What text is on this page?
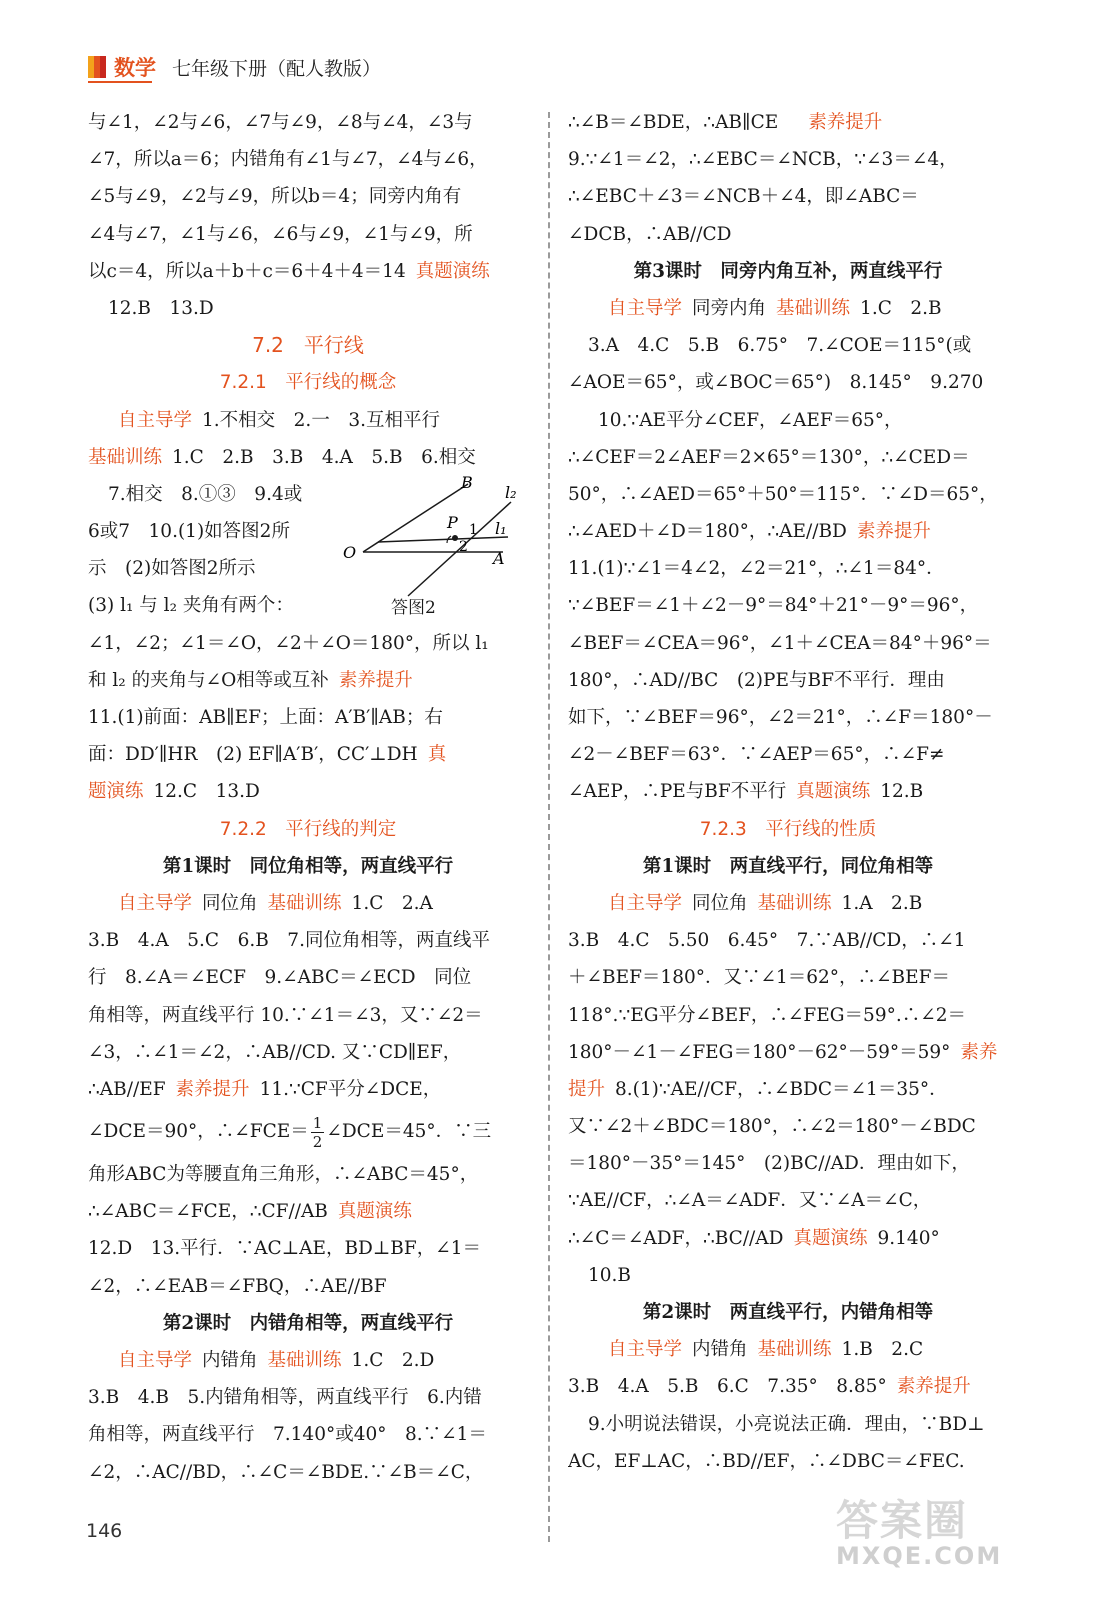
数学 七年级下册（配人教版）
与∠1，∠2与∠6，∠7与∠9，∠8与∠4，∠3与
∠7，所以a＝6；内错角有∠1与∠7，∠4与∠6，
∠5与∠9，∠2与∠9，所以b＝4；同旁内角有
∠4与∠7，∠1与∠6，∠6与∠9，∠1与∠9，所
以c＝4，所以a＋b＋c＝6＋4＋4＝14 真题演练
12.B　13.D
7.2　平行线
7.2.1　平行线的概念
自主导学 1.不相交　2.一　3.互相平行
基础训练 1.C　2.B　3.B　4.A　5.B　6.相交
7.相交　8.①③　9.4或
6或7　10.(1)如答图2所
示　(2)如答图2所示
(3) l₁ 与 l₂ 夹角有两个：
B
l₂
P 1
2
l₁
O	A
答图2
∠1，∠2；∠1＝∠O，∠2＋∠O＝180°，所以 l₁
和 l₂ 的夹角与∠O相等或互补 素养提升
11.(1)前面：AB∥EF；上面：A′B′∥AB；右
面：DD′∥HR　(2) EF∥A′B′，CC′⊥DH 真
题演练 12.C　13.D
7.2.2　平行线的判定
第1课时　同位角相等，两直线平行
自主导学 同位角 基础训练 1.C　2.A
3.B　4.A　5.C　6.B　7.同位角相等，两直线平
行　8.∠A＝∠ECF　9.∠ABC＝∠ECD　同位
角相等，两直线平行 10.∵∠1＝∠3，又∵∠2＝
∠3，∴∠1＝∠2，∴AB//CD. 又∵CD∥EF，
∴AB//EF 素养提升 11.∵CF平分∠DCE，
∠DCE＝90°，∴∠FCE＝ $\frac{1}{2}$ ∠DCE＝45°．∵三
角形ABC为等腰直角三角形，∴∠ABC＝45°，
∴∠ABC＝∠FCE，∴CF//AB 真题演练
12.D　13.平行．∵AC⊥AE，BD⊥BF，∠1＝
∠2，∴∠EAB＝∠FBQ，∴AE//BF
第2课时　内错角相等，两直线平行
自主导学 内错角 基础训练 1.C　2.D
3.B　4.B　5.内错角相等，两直线平行　6.内错
角相等，两直线平行　7.140°或40°　8.∵∠1＝
∠2，∴AC//BD，∴∠C＝∠BDE.∵∠B＝∠C，
∴∠B＝∠BDE，∴AB∥CE 素养提升
9.∵∠1＝∠2，∴∠EBC＝∠NCB，∵∠3＝∠4，
∴∠EBC＋∠3＝∠NCB＋∠4，即∠ABC＝
∠DCB，∴AB//CD
第3课时　同旁内角互补，两直线平行
自主导学 同旁内角 基础训练 1.C　2.B
3.A　4.C　5.B　6.75°　7.∠COE＝115°(或
∠AOE＝65°，或∠BOC＝65°)　8.145°　9.270
10.∵AE平分∠CEF，∠AEF＝65°，
∴∠CEF＝2∠AEF＝2×65°＝130°，∴∠CED＝
50°，∴∠AED＝65°＋50°＝115°．∵∠D＝65°，
∴∠AED＋∠D＝180°，∴AE//BD 素养提升
11.(1)∵∠1＝4∠2，∠2＝21°，∴∠1＝84°．
∵∠BEF＝∠1＋∠2－9°＝84°＋21°－9°＝96°，
∠BEF＝∠CEA＝96°，∠1＋∠CEA＝84°＋96°＝
180°，∴AD//BC　(2)PE与BF不平行．理由
如下，∵∠BEF＝96°，∠2＝21°，∴∠F＝180°－
∠2－∠BEF＝63°．∵∠AEP＝65°，∴∠F≠
∠AEP，∴PE与BF不平行 真题演练 12.B
7.2.3　平行线的性质
第1课时　两直线平行，同位角相等
自主导学 同位角 基础训练 1.A　2.B
3.B　4.C　5.50　6.45°　7.∵AB//CD，∴∠1
＋∠BEF＝180°．又∵∠1＝62°，∴∠BEF＝
118°.∵EG平分∠BEF，∴∠FEG＝59°.∴∠2＝
180°－∠1－∠FEG＝180°－62°－59°＝59° 素养
提升 8.(1)∵AE//CF，∴∠BDC＝∠1＝35°．
又∵∠2＋∠BDC＝180°，∴∠2＝180°－∠BDC
＝180°－35°＝145°　(2)BC//AD．理由如下，
∵AE//CF，∴∠A＝∠ADF．又∵∠A＝∠C，
∴∠C＝∠ADF，∴BC//AD 真题演练 9.140°
10.B
第2课时　两直线平行，内错角相等
自主导学 内错角 基础训练 1.B　2.C
3.B　4.A　5.B　6.C　7.35°　8.85° 素养提升
9.小明说法错误，小亮说法正确．理由，∵BD⊥
AC，EF⊥AC，∴BD//EF，∴∠DBC＝∠FEC.
146	答案圈
MXQE.COM
